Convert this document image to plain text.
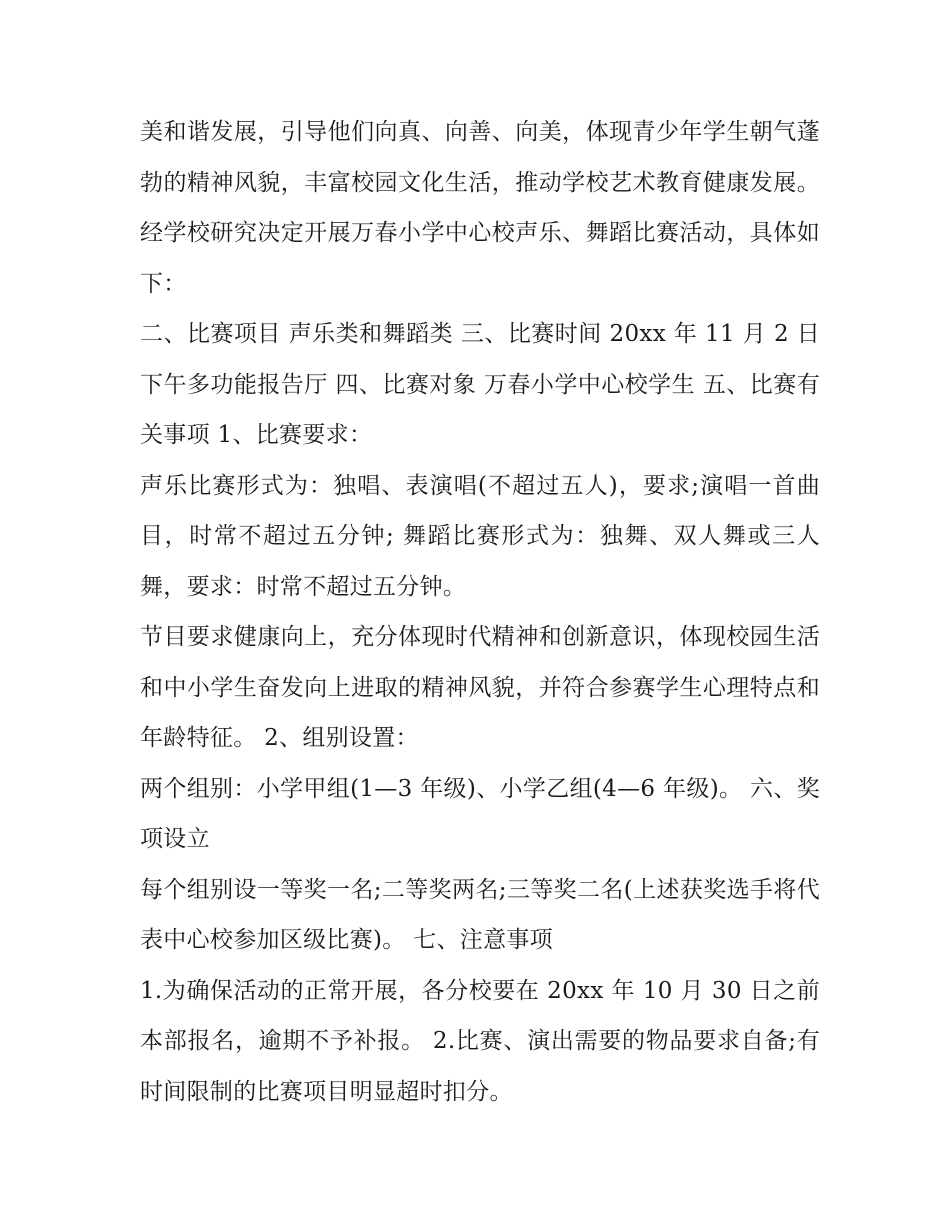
美和谐发展，引导他们向真、向善、向美，体现青少年学生朝气蓬勃的精神风貌，丰富校园文化生活，推动学校艺术教育健康发展。经学校研究决定开展万春小学中心校声乐、舞蹈比赛活动，具体如下：

二、比赛项目 声乐类和舞蹈类 三、比赛时间 20xx 年 11 月 2 日下午多功能报告厅 四、比赛对象 万春小学中心校学生 五、比赛有关事项 1、比赛要求：

声乐比赛形式为：独唱、表演唱(不超过五人)，要求;演唱一首曲目，时常不超过五分钟; 舞蹈比赛形式为：独舞、双人舞或三人舞，要求：时常不超过五分钟。

节目要求健康向上，充分体现时代精神和创新意识，体现校园生活和中小学生奋发向上进取的精神风貌，并符合参赛学生心理特点和年龄特征。 2、组别设置：

两个组别：小学甲组(1—3 年级)、小学乙组(4—6 年级)。 六、奖项设立

每个组别设一等奖一名;二等奖两名;三等奖二名(上述获奖选手将代表中心校参加区级比赛)。 七、注意事项

1.为确保活动的正常开展，各分校要在 20xx 年 10 月 30 日之前本部报名，逾期不予补报。 2.比赛、演出需要的物品要求自备;有时间限制的比赛项目明显超时扣分。
